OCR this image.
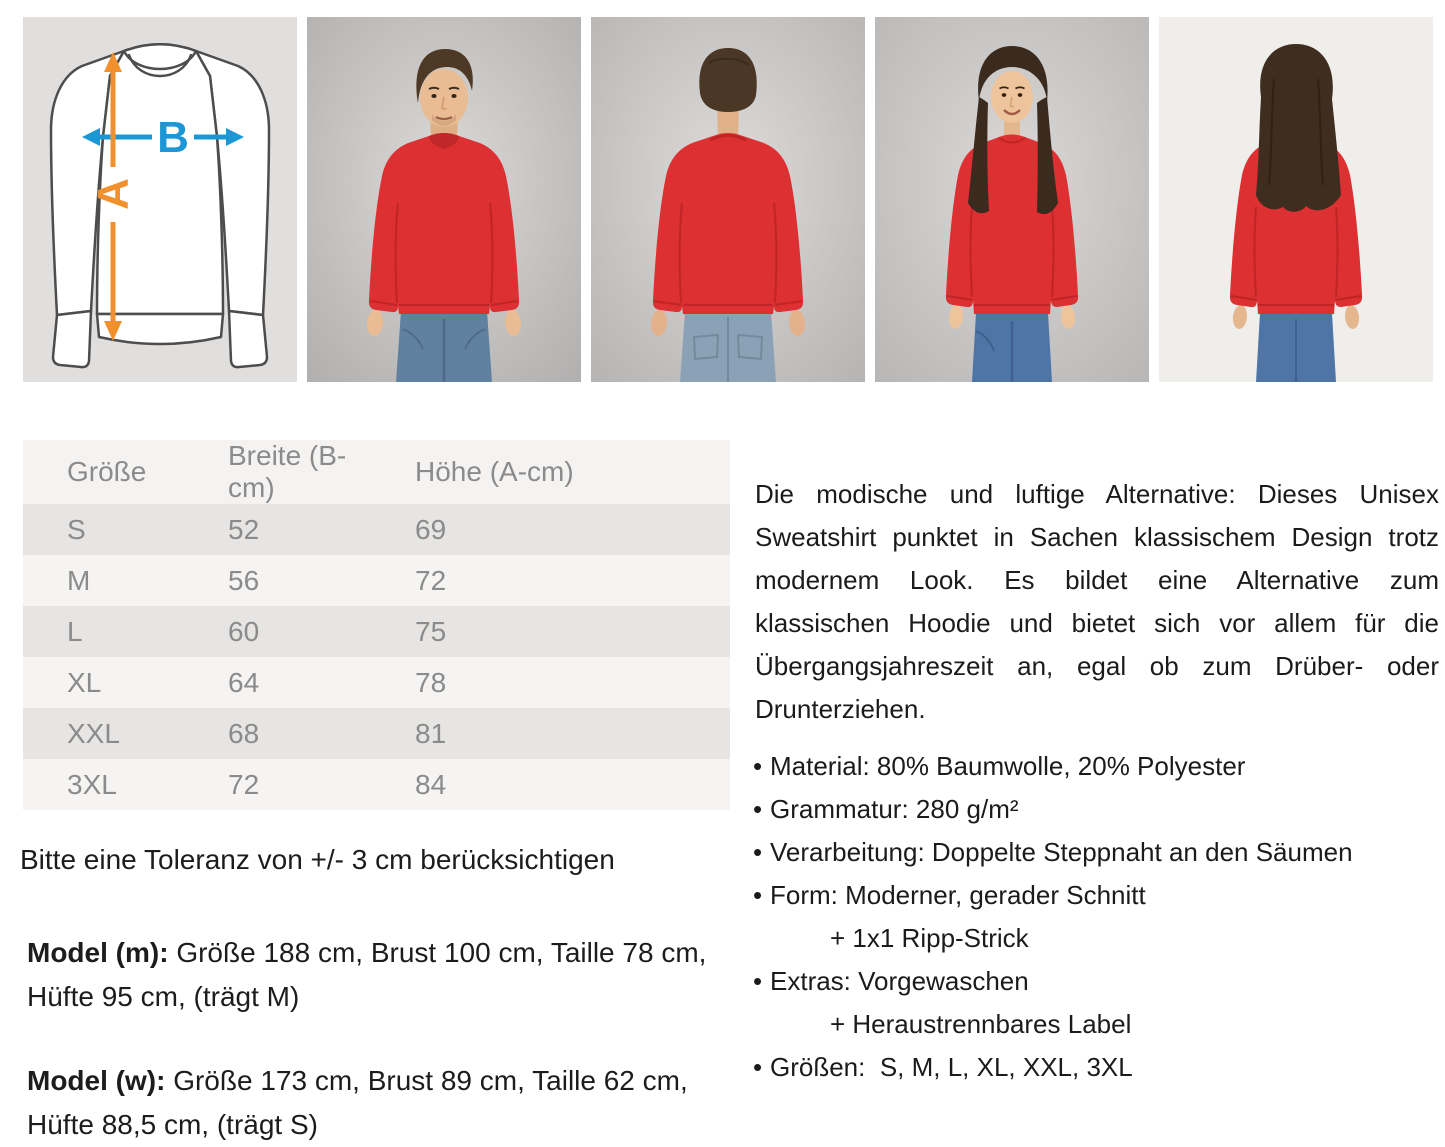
B
A
Größe	Breite (B-cm)	Höhe (A-cm)
S	52	69
M	56	72
L	60	75
XL	64	78
XXL	68	81
3XL	72	84

Bitte eine Toleranz von +/- 3 cm berücksichtigen

Model (m): Größe 188 cm, Brust 100 cm, Taille 78 cm, Hüfte 95 cm, (trägt M)

Model (w): Größe 173 cm, Brust 89 cm, Taille 62 cm, Hüfte 88,5 cm, (trägt S)

Die modische und luftige Alternative: Dieses Unisex Sweatshirt punktet in Sachen klassischem Design trotz modernem Look. Es bildet eine Alternative zum klassischen Hoodie und bietet sich vor allem für die Übergangsjahreszeit an, egal ob zum Drüber- oder Drunterziehen.

• Material: 80% Baumwolle, 20% Polyester
• Grammatur: 280 g/m²
• Verarbeitung: Doppelte Steppnaht an den Säumen
• Form: Moderner, gerader Schnitt
+ 1x1 Ripp-Strick
• Extras: Vorgewaschen
+ Heraustrennbares Label
• Größen:  S, M, L, XL, XXL, 3XL
